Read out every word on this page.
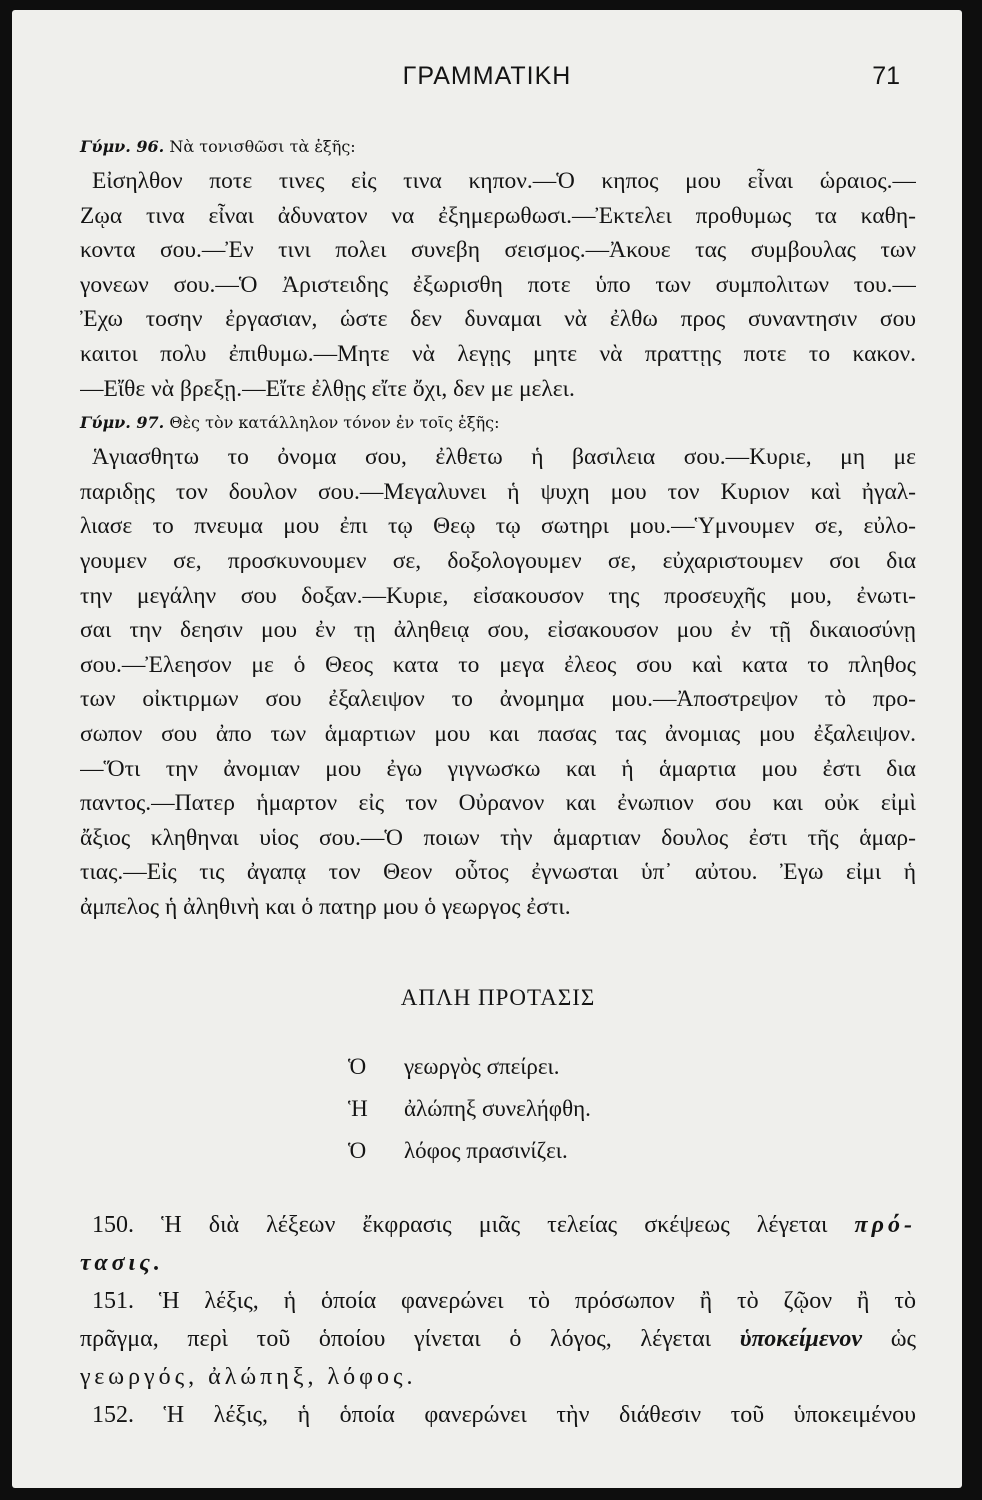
ΓΡΑΜΜΑΤΙΚΗ	71
Γύμν. 96. Νὰ τονισθῶσι τὰ ἑξῆς:
Εἰσηλθον ποτε τινες εἰς τινα κηπον.—Ὁ κηπος μου εἶναι ὡραιος.—
Ζῳα τινα εἶναι ἀδυνατον να ἐξημερωθωσι.—Ἐκτελει προθυμως τα καθη-
κοντα σου.—Ἐν τινι πολει συνεβη σεισμος.—Ἀκουε τας συμβουλας των
γονεων σου.—Ὁ Ἀριστειδης ἐξωρισθη ποτε ὑπο των συμπολιτων του.—
Ἐχω τοσην ἐργασιαν, ὡστε δεν δυναμαι νὰ ἐλθω προς συναντησιν σου
καιτοι πολυ ἐπιθυμω.—Μητε νὰ λεγῃς μητε νὰ πραττῃς ποτε το κακον.
—Εἴθε νὰ βρεξῃ.—Εἴτε ἐλθῃς εἴτε ὄχι, δεν με μελει.
Γύμν. 97. Θὲς τὸν κατάλληλον τόνον ἐν τοῖς ἑξῆς:
Ἁγιασθητω το ὀνομα σου, ἐλθετω ἡ βασιλεια σου.—Κυριε, μη με
παριδῃς τον δουλον σου.—Μεγαλυνει ἡ ψυχη μου τον Κυριον καὶ ἠγαλ-
λιασε το πνευμα μου ἐπι τῳ Θεῳ τῳ σωτηρι μου.—Ὑμνουμεν σε, εὐλο-
γουμεν σε, προσκυνουμεν σε, δοξολογουμεν σε, εὐχαριστουμεν σοι δια
την μεγάλην σου δοξαν.—Κυριε, εἰσακουσον της προσευχῆς μου, ἐνωτι-
σαι την δεησιν μου ἐν τῃ ἀληθειᾳ σου, εἰσακουσον μου ἐν τῇ δικαιοσύνῃ
σου.—Ἐλεησον με ὁ Θεος κατα το μεγα ἐλεος σου καὶ κατα το πληθος
των οἰκτιρμων σου ἐξαλειψον το ἀνομημα μου.—Ἀποστρεψον τὸ προ-
σωπον σου ἀπο των ἁμαρτιων μου και πασας τας ἀνομιας μου ἐξαλειψον.
—Ὅτι την ἀνομιαν μου ἐγω γιγνωσκω και ἡ ἁμαρτια μου ἐστι δια
παντος.—Πατερ ἡμαρτον εἰς τον Οὐρανον και ἐνωπιον σου και οὐκ εἰμὶ
ἄξιος κληθηναι υἱος σου.—Ὁ ποιων τὴν ἁμαρτιαν δουλος ἐστι τῆς ἁμαρ-
τιας.—Εἰς τις ἀγαπᾳ τον Θεον οὗτος ἐγνωσται ὑπ᾽ αὐτου. Ἐγω εἰμι ἡ
ἀμπελος ἡ ἀληθινὴ και ὁ πατηρ μου ὁ γεωργος ἐστι.
ΑΠΛΗ ΠΡΟΤΑΣΙΣ
Ὁ γεωργὸς σπείρει.
Ἡ ἀλώπηξ συνελήφθη.
Ὁ λόφος πρασινίζει.
150. Ἡ διὰ λέξεων ἔκφρασις μιᾶς τελείας σκέψεως λέγεται πρό-
τασις.
151. Ἡ λέξις, ἡ ὁποία φανερώνει τὸ πρόσωπον ἢ τὸ ζῷον ἢ τὸ
πρᾶγμα, περὶ τοῦ ὁποίου γίνεται ὁ λόγος, λέγεται ὑποκείμενον ὡς
γεωργός, ἀλώπηξ, λόφος.
152. Ἡ λέξις, ἡ ὁποία φανερώνει τὴν διάθεσιν τοῦ ὑποκειμένου
